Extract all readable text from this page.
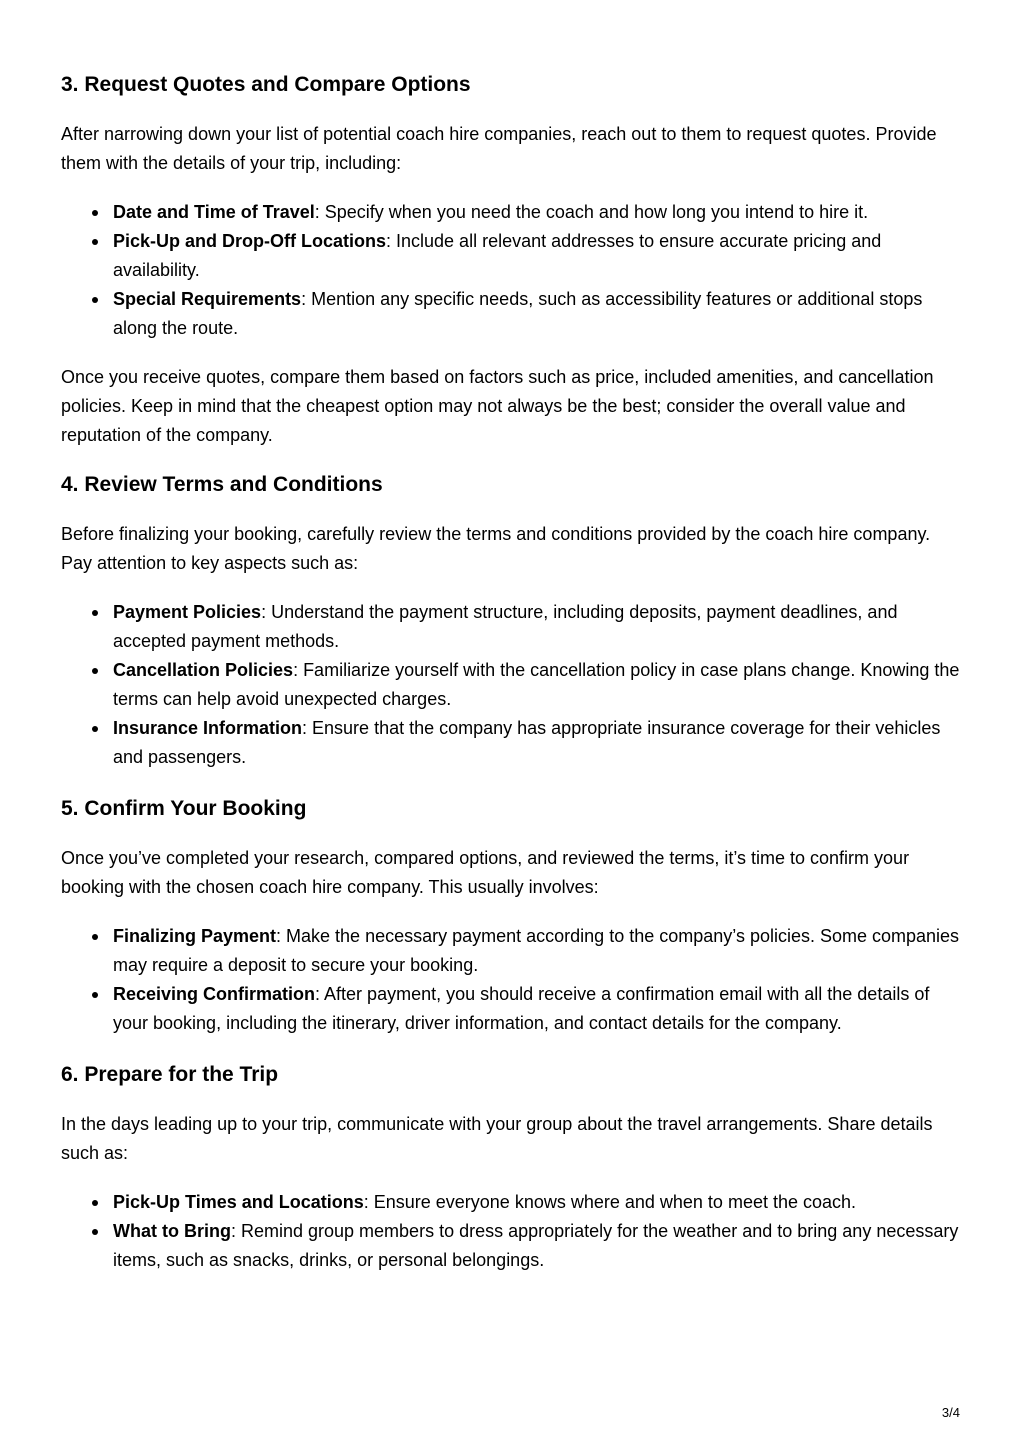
3. Request Quotes and Compare Options

After narrowing down your list of potential coach hire companies, reach out to them to request quotes. Provide them with the details of your trip, including:

Date and Time of Travel: Specify when you need the coach and how long you intend to hire it.
Pick-Up and Drop-Off Locations: Include all relevant addresses to ensure accurate pricing and availability.
Special Requirements: Mention any specific needs, such as accessibility features or additional stops along the route.

Once you receive quotes, compare them based on factors such as price, included amenities, and cancellation policies. Keep in mind that the cheapest option may not always be the best; consider the overall value and reputation of the company.

4. Review Terms and Conditions

Before finalizing your booking, carefully review the terms and conditions provided by the coach hire company. Pay attention to key aspects such as:

Payment Policies: Understand the payment structure, including deposits, payment deadlines, and accepted payment methods.
Cancellation Policies: Familiarize yourself with the cancellation policy in case plans change. Knowing the terms can help avoid unexpected charges.
Insurance Information: Ensure that the company has appropriate insurance coverage for their vehicles and passengers.
5. Confirm Your Booking

Once you’ve completed your research, compared options, and reviewed the terms, it’s time to confirm your booking with the chosen coach hire company. This usually involves:

Finalizing Payment: Make the necessary payment according to the company’s policies. Some companies may require a deposit to secure your booking.
Receiving Confirmation: After payment, you should receive a confirmation email with all the details of your booking, including the itinerary, driver information, and contact details for the company.
6. Prepare for the Trip

In the days leading up to your trip, communicate with your group about the travel arrangements. Share details such as:

Pick-Up Times and Locations: Ensure everyone knows where and when to meet the coach.
What to Bring: Remind group members to dress appropriately for the weather and to bring any necessary items, such as snacks, drinks, or personal belongings.
3/4
